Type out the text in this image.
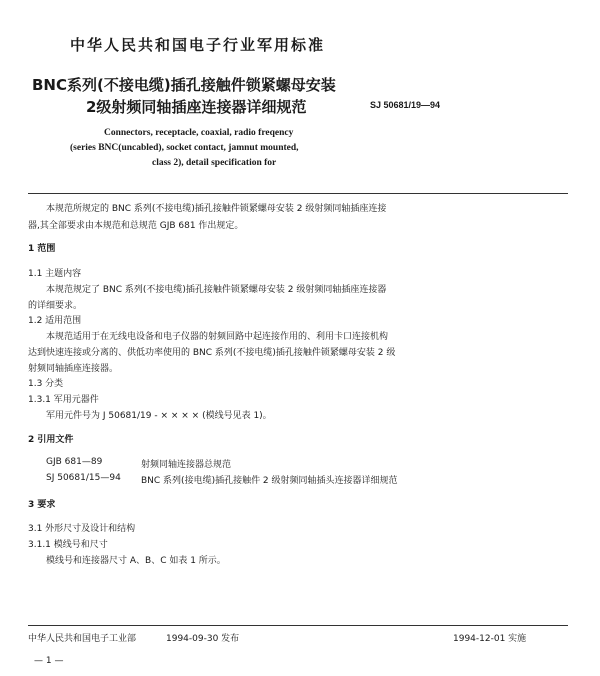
中华人民共和国电子行业军用标准
BNC系列(不接电缆)插孔接触件锁紧螺母安装
2级射频同轴插座连接器详细规范	SJ 50681/19—94
Connectors, receptacle, coaxial, radio freqency
(series BNC(uncabled), socket contact, jamnut mounted,
class 2), detail specification for
本规范所规定的 BNC 系列(不接电缆)插孔接触件锁紧螺母安装 2 级射频同轴插座连接
器,其全部要求由本规范和总规范 GJB 681 作出规定。
1 范围
1.1 主题内容
本规范规定了 BNC 系列(不接电缆)插孔接触件锁紧螺母安装 2 级射频同轴插座连接器
的详细要求。
1.2 适用范围
本规范适用于在无线电设备和电子仪器的射频回路中起连接作用的、利用卡口连接机构
达到快速连接或分离的、供低功率使用的 BNC 系列(不接电缆)插孔接触件锁紧螺母安装 2 级
射频同轴插座连接器。
1.3 分类
1.3.1 军用元器件
军用元件号为 J 50681/19 - × × × × (模线号见表 1)。
2 引用文件
GJB 681—89	射频同轴连接器总规范
SJ 50681/15—94 BNC 系列(接电缆)插孔接触件 2 级射频同轴插头连接器详细规范
3 要求
3.1 外形尺寸及设计和结构
3.1.1 模线号和尺寸
模线号和连接器尺寸 A、B、C 如表 1 所示。
中华人民共和国电子工业部	1994-09-30 发布	1994-12-01 实施
— 1 —
